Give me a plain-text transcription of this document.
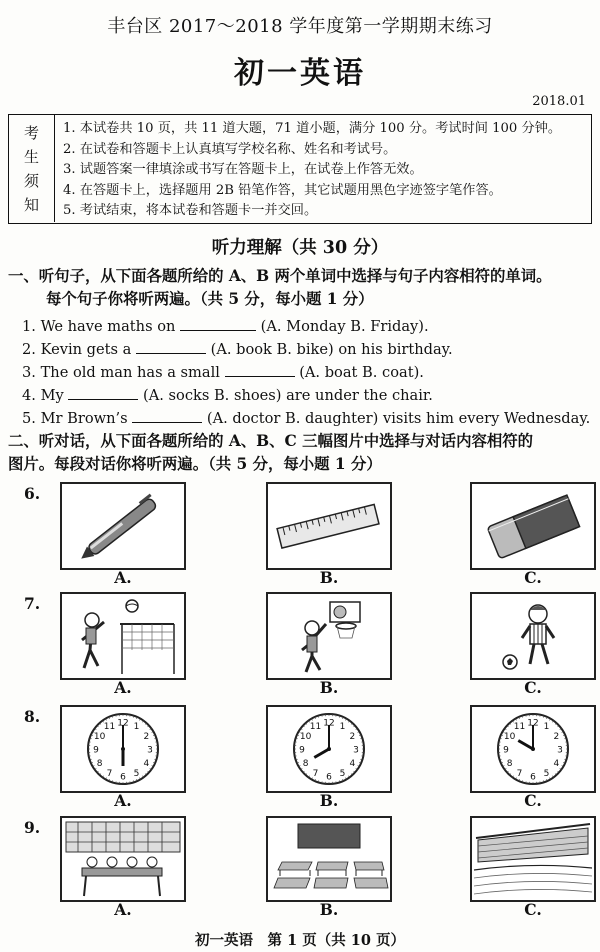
丰台区 2017～2018 学年度第一学期期末练习
初一英语
2018.01
考
生
须
知
1. 本试卷共 10 页，共 11 道大题，71 道小题，满分 100 分。考试时间 100 分钟。
2. 在试卷和答题卡上认真填写学校名称、姓名和考试号。
3. 试题答案一律填涂或书写在答题卡上，在试卷上作答无效。
4. 在答题卡上，选择题用 2B 铅笔作答，其它试题用黑色字迹签字笔作答。
5. 考试结束，将本试卷和答题卡一并交回。
听力理解（共 30 分）
一、听句子，从下面各题所给的 A、B 两个单词中选择与句子内容相符的单词。
每个句子你将听两遍。（共 5 分，每小题 1 分）
1. We have maths on	(A. Monday B. Friday).
2. Kevin gets a	(A. book B. bike) on his birthday.
3. The old man has a small	(A. boat B. coat).
4. My	(A. socks B. shoes) are under the chair.
5. Mr Brown’s	(A. doctor B. daughter) visits him every Wednesday.
二、听对话，从下面各题所给的 A、B、C 三幅图片中选择与对话内容相符的
图片。每段对话你将听两遍。（共 5 分，每小题 1 分）
6.
A.	B.	C.
7.
A.	B.	C.
8.
1
2
3
4
5
6
7
8
9
10
11 12
A.
1
2
3
4
5
6
7
8
9
10
11 12
B.
1
2
3
4
5
6
7
8
9
10
11 12
C.
9.
A.	B.	C.
初一英语　第 1 页（共 10 页）
